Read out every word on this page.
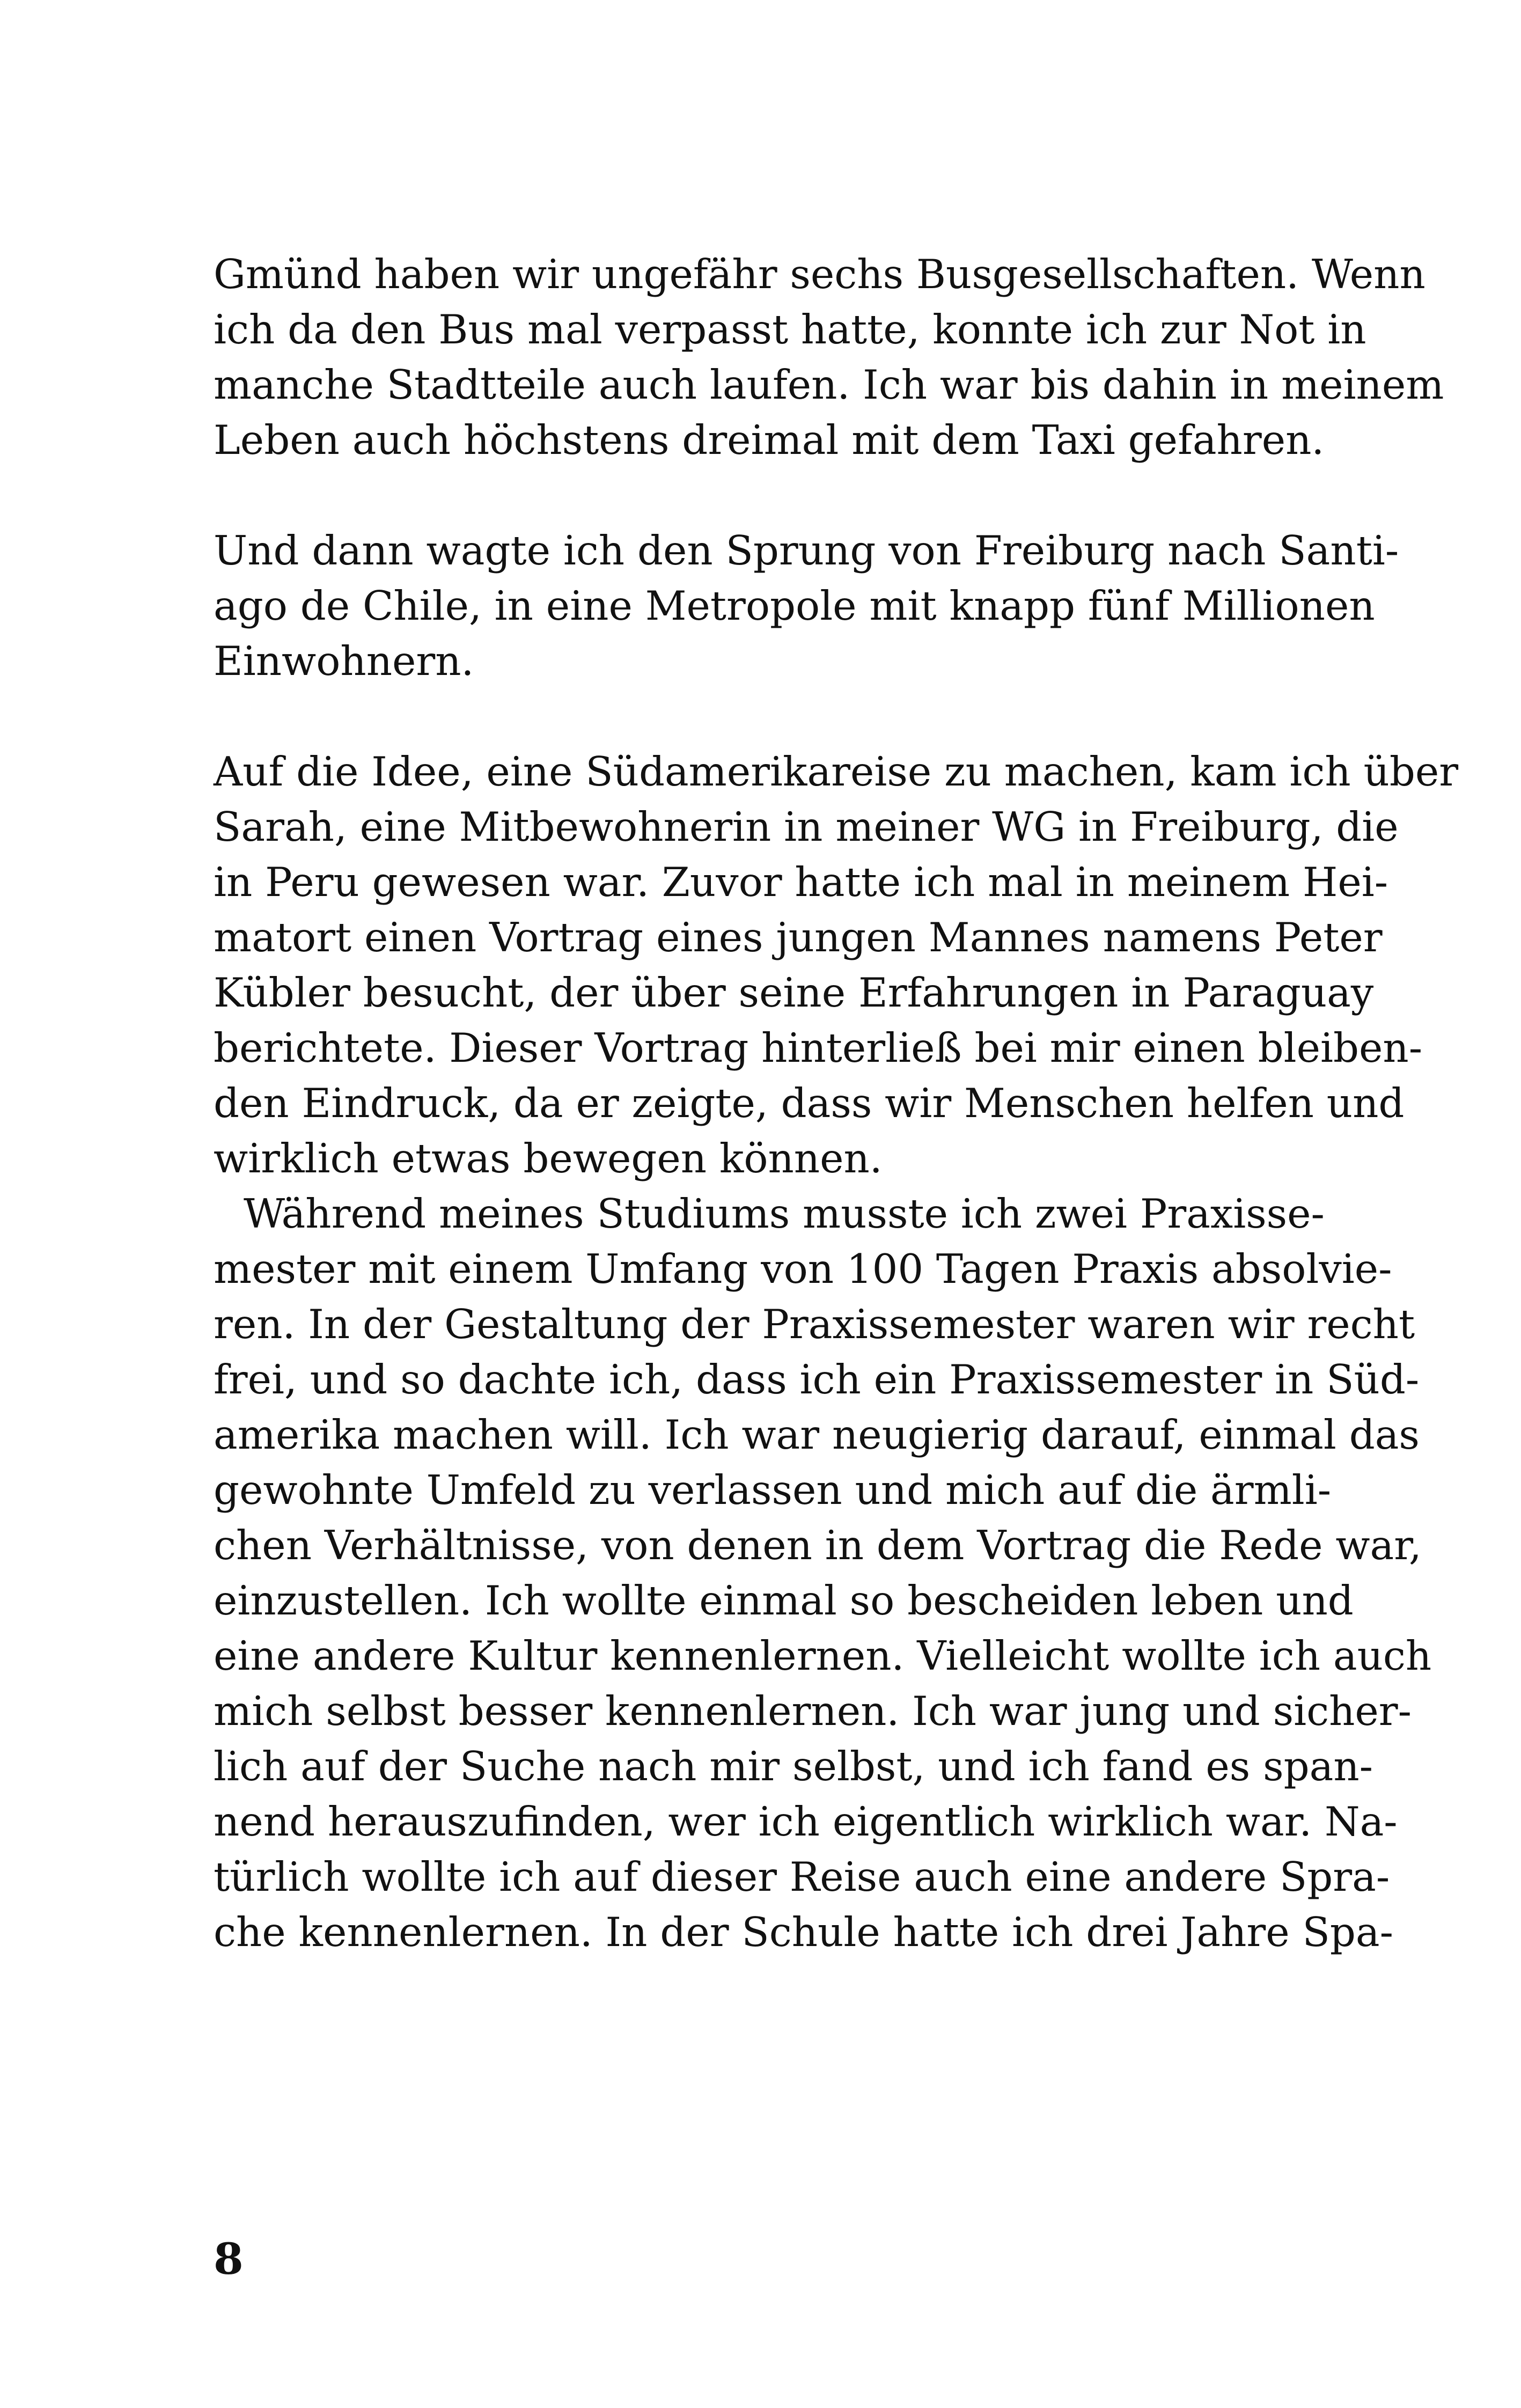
Gmünd haben wir ungefähr sechs Busgesellschaften. Wenn
ich da den Bus mal verpasst hatte, konnte ich zur Not in
manche Stadtteile auch laufen. Ich war bis dahin in meinem
Leben auch höchstens dreimal mit dem Taxi gefahren.
Und dann wagte ich den Sprung von Freiburg nach Santi-
ago de Chile, in eine Metropole mit knapp fünf Millionen
Einwohnern.
Auf die Idee, eine Südamerikareise zu machen, kam ich über
Sarah, eine Mitbewohnerin in meiner WG in Freiburg, die
in Peru gewesen war. Zuvor hatte ich mal in meinem Hei-
matort einen Vortrag eines jungen Mannes namens Peter
Kübler besucht, der über seine Erfahrungen in Paraguay
berichtete. Dieser Vortrag hinterließ bei mir einen bleiben-
den Eindruck, da er zeigte, dass wir Menschen helfen und
wirklich etwas bewegen können.
Während meines Studiums musste ich zwei Praxisse-
mester mit einem Umfang von 100 Tagen Praxis absolvie-
ren. In der Gestaltung der Praxissemester waren wir recht
frei, und so dachte ich, dass ich ein Praxissemester in Süd-
amerika machen will. Ich war neugierig darauf, einmal das
gewohnte Umfeld zu verlassen und mich auf die ärmli-
chen Verhältnisse, von denen in dem Vortrag die Rede war,
einzustellen. Ich wollte einmal so bescheiden leben und
eine andere Kultur kennenlernen. Vielleicht wollte ich auch
mich selbst besser kennenlernen. Ich war jung und sicher-
lich auf der Suche nach mir selbst, und ich fand es span-
nend herauszufinden, wer ich eigentlich wirklich war. Na-
türlich wollte ich auf dieser Reise auch eine andere Spra-
che kennenlernen. In der Schule hatte ich drei Jahre Spa-
8
